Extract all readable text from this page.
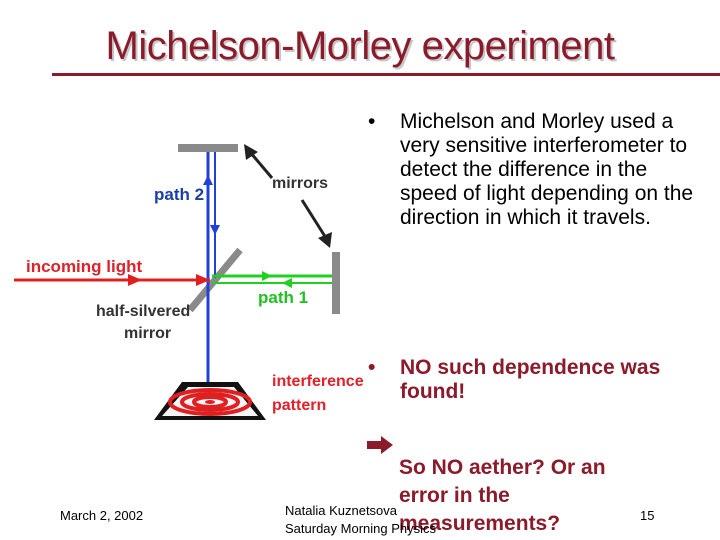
Michelson-Morley experiment
path 2
mirrors
incoming light
half-silvered
mirror
path 1
interference
pattern
• Michelson and Morley used a very sensitive interferometer to detect the difference in the speed of light depending on the direction in which it travels.
• NO such dependence was found!
So NO aether? Or an error in the measurements?
March 2, 2002	Natalia Kuznetsova
Saturday Morning Physics
15
